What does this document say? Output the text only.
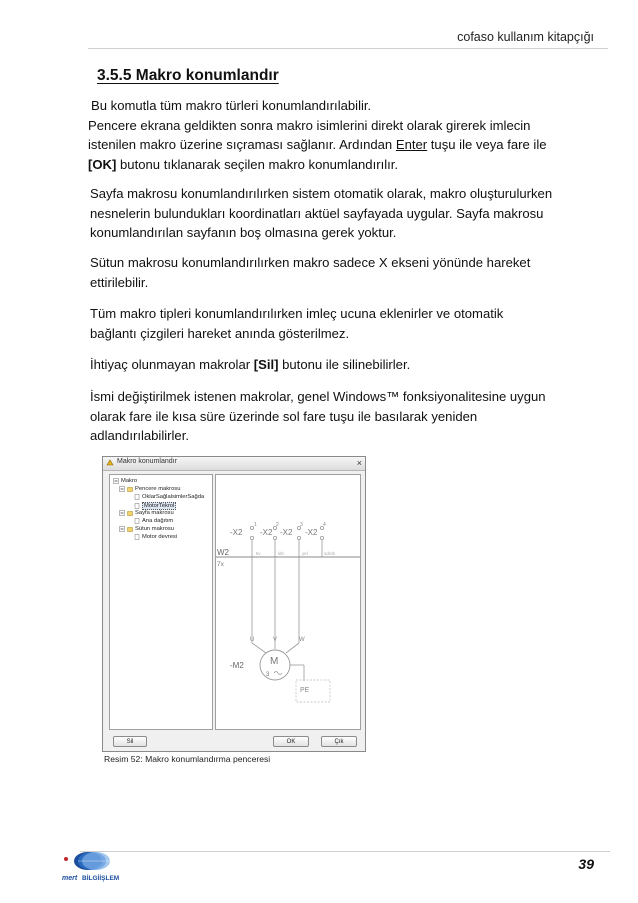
cofaso kullanım kitapçığı
3.5.5 Makro konumlandır
Bu komutla tüm makro türleri konumlandırılabilir.
Pencere ekrana geldikten sonra makro isimlerini direkt olarak girerek imlecin
istenilen makro üzerine sıçraması sağlanır. Ardından Enter tuşu ile veya fare ile
[OK] butonu tıklanarak seçilen makro konumlandırılır.
Sayfa makrosu konumlandırılırken sistem otomatik olarak, makro oluşturulurken
nesnelerin bulundukları koordinatları aktüel sayfayada uygular. Sayfa makrosu
konumlandırılan sayfanın boş olmasına gerek yoktur.
Sütun makrosu konumlandırılırken makro sadece X ekseni yönünde hareket
ettirilebilir.
Tüm makro tipleri konumlandırılırken imleç ucuna eklenirler ve otomatik
bağlantı çizgileri hareket anında gösterilmez.
İhtiyaç olunmayan makrolar [Sil] butonu ile silinebilirler.
İsmi değiştirilmek istenen makrolar, genel Windows™ fonksiyonalitesine uygun
olarak fare ile kısa süre üzerinde sol fare tuşu ile basılarak yeniden
adlandırılabilirler.
Makro konumlandır	×
Makro
Pencere makrosu
OklarSağlalsimlerSağda
MotorTekrol
Sayfa makrosu
Ana dağıtım
Sütun makrosu
Motor devresi	-X2 -X2 -X2 -X2
1	2	3	4
W2
7x
tiv	ldn	yel	sdrdn
U	V	W
M
3
-M2
PE
Sil	OK	Çık
Resim 52: Makro konumlandırma penceresi
mert BİLGİİŞLEM
39
